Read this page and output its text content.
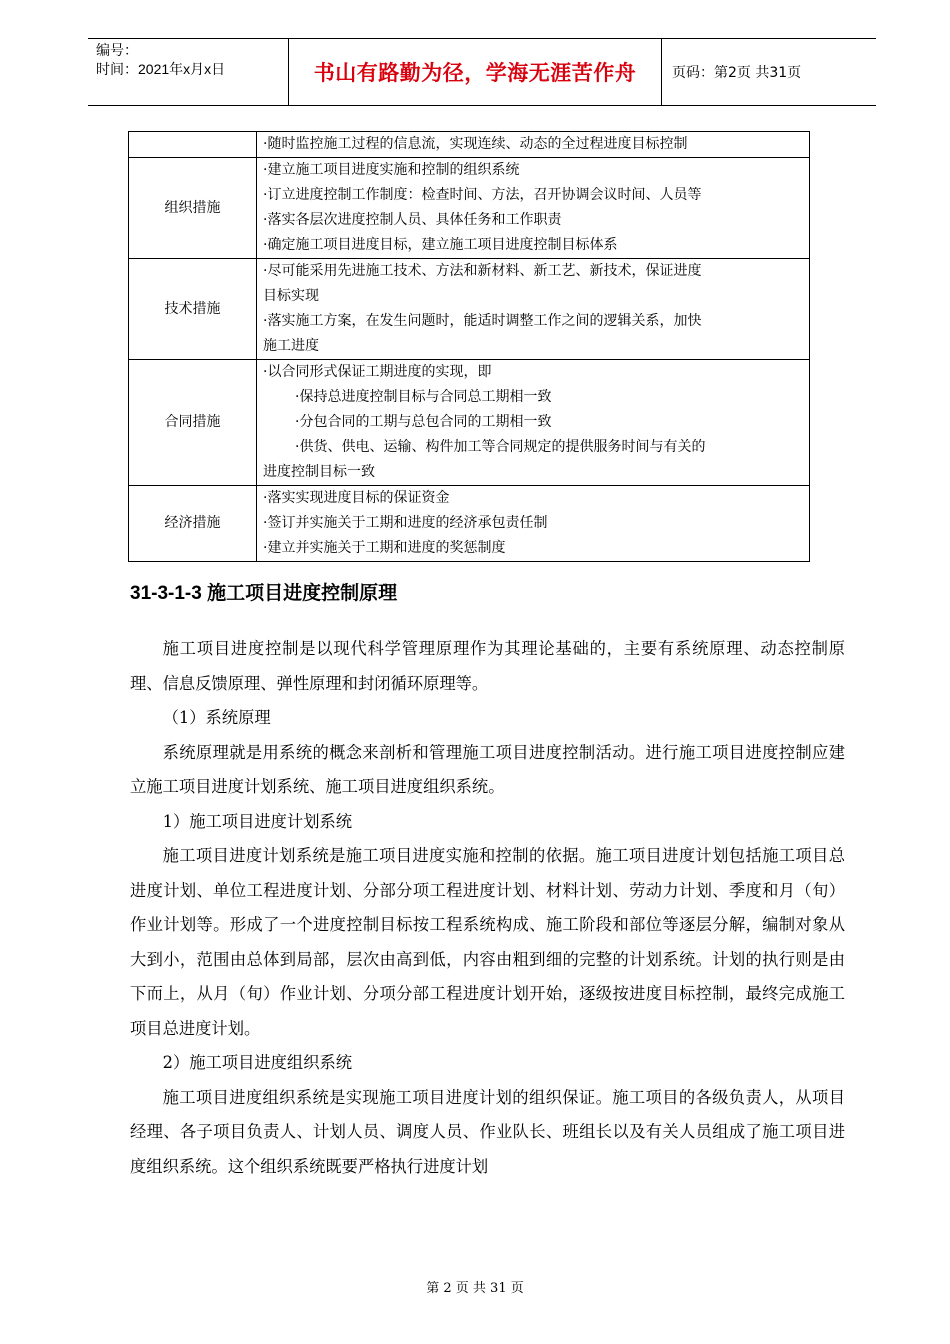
编号：
时间：2021年x月x日	书山有路勤为径，学海无涯苦作舟	页码：第2页 共31页

	·随时监控施工过程的信息流，实现连续、动态的全过程进度目标控制

组织措施	·建立施工项目进度实施和控制的组织系统
·订立进度控制工作制度：检查时间、方法，召开协调会议时间、人员等
·落实各层次进度控制人员、具体任务和工作职责
·确定施工项目进度目标，建立施工项目进度控制目标体系

技术措施	·尽可能采用先进施工技术、方法和新材料、新工艺、新技术，保证进度
目标实现
·落实施工方案，在发生问题时，能适时调整工作之间的逻辑关系，加快
施工进度

合同措施	·以合同形式保证工期进度的实现，即
·保持总进度控制目标与合同总工期相一致
·分包合同的工期与总包合同的工期相一致
·供货、供电、运输、构件加工等合同规定的提供服务时间与有关的
进度控制目标一致

经济措施	·落实实现进度目标的保证资金
·签订并实施关于工期和进度的经济承包责任制
·建立并实施关于工期和进度的奖惩制度
31-3-1-3 施工项目进度控制原理

施工项目进度控制是以现代科学管理原理作为其理论基础的，主要有系统原理、动态控制原理、信息反馈原理、弹性原理和封闭循环原理等。

（1）系统原理

系统原理就是用系统的概念来剖析和管理施工项目进度控制活动。进行施工项目进度控制应建立施工项目进度计划系统、施工项目进度组织系统。

1）施工项目进度计划系统

施工项目进度计划系统是施工项目进度实施和控制的依据。施工项目进度计划包括施工项目总进度计划、单位工程进度计划、分部分项工程进度计划、材料计划、劳动力计划、季度和月（旬）作业计划等。形成了一个进度控制目标按工程系统构成、施工阶段和部位等逐层分解，编制对象从大到小，范围由总体到局部，层次由高到低，内容由粗到细的完整的计划系统。计划的执行则是由下而上，从月（旬）作业计划、分项分部工程进度计划开始，逐级按进度目标控制，最终完成施工项目总进度计划。

2）施工项目进度组织系统

施工项目进度组织系统是实现施工项目进度计划的组织保证。施工项目的各级负责人，从项目经理、各子项目负责人、计划人员、调度人员、作业队长、班组长以及有关人员组成了施工项目进度组织系统。这个组织系统既要严格执行进度计划

第 2 页 共 31 页
